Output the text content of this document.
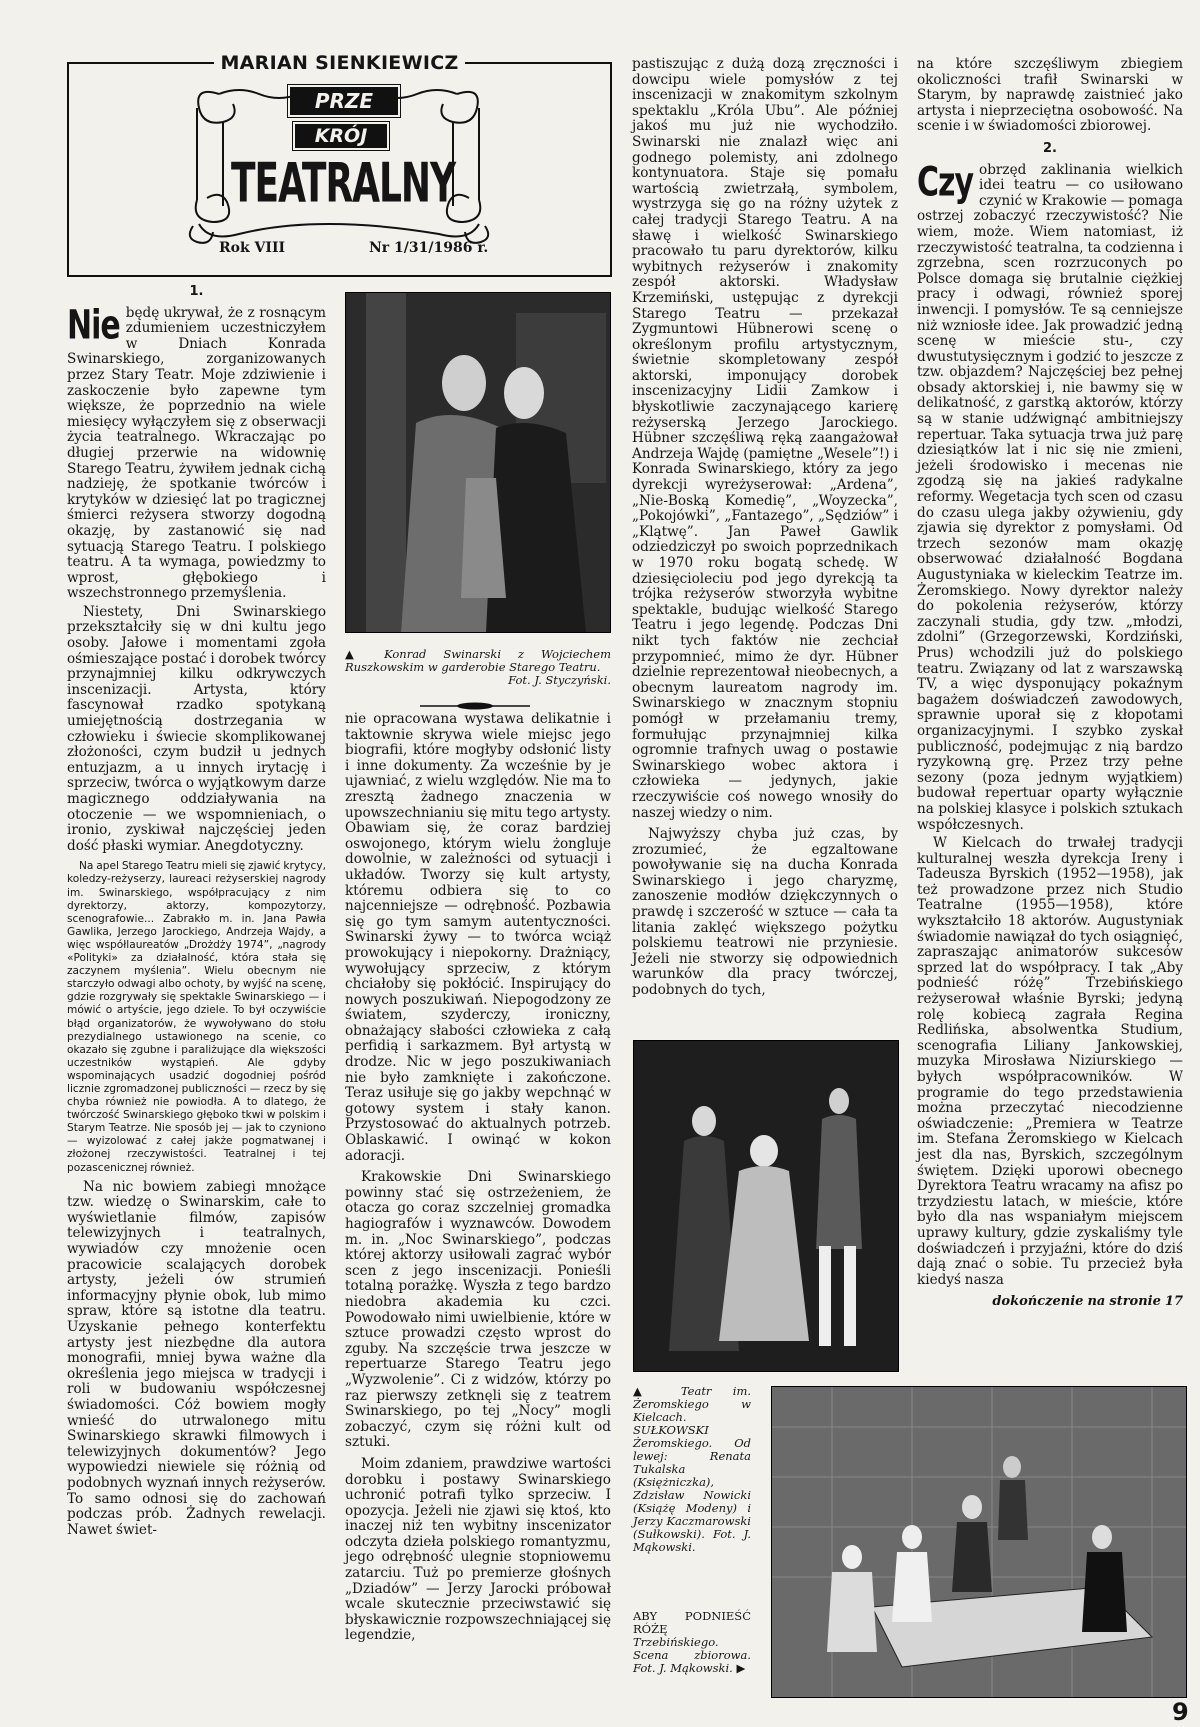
MARIAN SIENKIEWICZ
PRZE
KRÓJ
TEATRALNY
Rok VIII	Nr 1/31/1986 r.
1.

Nie będę ukrywał, że z rosnącym zdumieniem uczestniczyłem w Dniach Konrada Swinarskiego, zorganizowanych przez Stary Teatr. Moje zdziwienie i zaskoczenie było zapewne tym większe, że poprzednio na wiele miesięcy wyłączyłem się z obserwacji życia teatralnego. Wkraczając po długiej przerwie na widownię Starego Teatru, żywiłem jednak cichą nadzieję, że spotkanie twórców i krytyków w dziesięć lat po tragicznej śmierci reżysera stworzy dogodną okazję, by zastanowić się nad sytuacją Starego Teatru. I polskiego teatru. A ta wymaga, powiedzmy to wprost, głębokiego i wszechstronnego przemyślenia.

Niestety, Dni Swinarskiego przekształciły się w dni kultu jego osoby. Jałowe i momentami zgoła ośmieszające postać i dorobek twórcy przynajmniej kilku odkrywczych inscenizacji. Artysta, który fascynował rzadko spotykaną umiejętnością dostrzegania w człowieku i świecie skomplikowanej złożoności, czym budził u jednych entuzjazm, a u innych irytację i sprzeciw, twórca o wyjątkowym darze magicznego oddziaływania na otoczenie — we wspomnieniach, o ironio, zyskiwał najczęściej jeden dość płaski wymiar. Anegdotyczny.

Na apel Starego Teatru mieli się zjawić krytycy, koledzy-reżyserzy, laureaci reżyserskiej nagrody im. Swinarskiego, współpracujący z nim dyrektorzy, aktorzy, kompozytorzy, scenografowie... Zabrakło m. in. Jana Pawła Gawlika, Jerzego Jarockiego, Andrzeja Wajdy, a więc współlaureatów „Drożdży 1974”, „nagrody «Polityki» za działalność, która stała się zaczynem myślenia”. Wielu obecnym nie starczyło odwagi albo ochoty, by wyjść na scenę, gdzie rozgrywały się spektakle Swinarskiego — i mówić o artyście, jego dziele. To był oczywiście błąd organizatorów, że wywoływano do stołu prezydialnego ustawionego na scenie, co okazało się zgubne i paraliżujące dla większości uczestników wystąpień. Ale gdyby wspominających usadzić dogodniej pośród licznie zgromadzonej publiczności — rzecz by się chyba również nie powiodła. A to dlatego, że twórczość Swinarskiego głęboko tkwi w polskim i Starym Teatrze. Nie sposób jej — jak to czyniono — wyizolować z całej jakże pogmatwanej i złożonej rzeczywistości. Teatralnej i tej pozascenicznej również.

Na nic bowiem zabiegi mnożące tzw. wiedzę o Swinarskim, całe to wyświetlanie filmów, zapisów telewizyjnych i teatralnych, wywiadów czy mnożenie ocen pracowicie scalających dorobek artysty, jeżeli ów strumień informacyjny płynie obok, lub mimo spraw, które są istotne dla teatru. Uzyskanie pełnego konterfektu artysty jest niezbędne dla autora monografii, mniej bywa ważne dla określenia jego miejsca w tradycji i roli w budowaniu współczesnej świadomości. Cóż bowiem mogły wnieść do utrwalonego mitu Swinarskiego skrawki filmowych i telewizyjnych dokumentów? Jego wypowiedzi niewiele się różnią od podobnych wyznań innych reżyserów. To samo odnosi się do zachowań podczas prób. Żadnych rewelacji. Nawet świet-

▲ Konrad Swinarski z Wojciechem Ruszkowskim w garderobie Starego Teatru.
Fot. J. Styczyński.

nie opracowana wystawa delikatnie i taktownie skrywa wiele miejsc jego biografii, które mogłyby odsłonić listy i inne dokumenty. Za wcześnie by je ujawniać, z wielu względów. Nie ma to zresztą żadnego znaczenia w upowszechnianiu się mitu tego artysty. Obawiam się, że coraz bardziej oswojonego, którym wielu żongluje dowolnie, w zależności od sytuacji i układów. Tworzy się kult artysty, któremu odbiera się to co najcenniejsze — odrębność. Pozbawia się go tym samym autentyczności. Swinarski żywy — to twórca wciąż prowokujący i niepokorny. Drażniący, wywołujący sprzeciw, z którym chciałoby się pokłócić. Inspirujący do nowych poszukiwań. Niepogodzony ze światem, szyderczy, ironiczny, obnażający słabości człowieka z całą perfidią i sarkazmem. Był artystą w drodze. Nic w jego poszukiwaniach nie było zamknięte i zakończone. Teraz usiłuje się go jakby wepchnąć w gotowy system i stały kanon. Przystosować do aktualnych potrzeb. Oblaskawić. I owinąć w kokon adoracji.

Krakowskie Dni Swinarskiego powinny stać się ostrzeżeniem, że otacza go coraz szczelniej gromadka hagiografów i wyznawców. Dowodem m. in. „Noc Swinarskiego”, podczas której aktorzy usiłowali zagrać wybór scen z jego inscenizacji. Ponieśli totalną porażkę. Wyszła z tego bardzo niedobra akademia ku czci. Powodowało nimi uwielbienie, które w sztuce prowadzi często wprost do zguby. Na szczęście trwa jeszcze w repertuarze Starego Teatru jego „Wyzwolenie”. Ci z widzów, którzy po raz pierwszy zetknęli się z teatrem Swinarskiego, po tej „Nocy” mogli zobaczyć, czym się różni kult od sztuki.

Moim zdaniem, prawdziwe wartości dorobku i postawy Swinarskiego uchronić potrafi tylko sprzeciw. I opozycja. Jeżeli nie zjawi się ktoś, kto inaczej niż ten wybitny inscenizator odczyta dzieła polskiego romantyzmu, jego odrębność ulegnie stopniowemu zatarciu. Tuż po premierze głośnych „Dziadów” — Jerzy Jarocki próbował wcale skutecznie przeciwstawić się błyskawicznie rozpowszechniającej się legendzie,

pastiszując z dużą dozą zręczności i dowcipu wiele pomysłów z tej inscenizacji w znakomitym szkolnym spektaklu „Króla Ubu”. Ale później jakoś mu już nie wychodziło. Swinarski nie znalazł więc ani godnego polemisty, ani zdolnego kontynuatora. Staje się pomału wartością zwietrzałą, symbolem, wystrzyga się go na różny użytek z całej tradycji Starego Teatru. A na sławę i wielkość Swinarskiego pracowało tu paru dyrektorów, kilku wybitnych reżyserów i znakomity zespół aktorski. Władysław Krzemiński, ustępując z dyrekcji Starego Teatru — przekazał Zygmuntowi Hübnerowi scenę o określonym profilu artystycznym, świetnie skompletowany zespół aktorski, imponujący dorobek inscenizacyjny Lidii Zamkow i błyskotliwie zaczynającego karierę reżyserską Jerzego Jarockiego. Hübner szczęśliwą ręką zaangażował Andrzeja Wajdę (pamiętne „Wesele”!) i Konrada Swinarskiego, który za jego dyrekcji wyreżyserował: „Ardena”, „Nie-Boską Komedię”, „Woyzecka”, „Pokojówki”, „Fantazego”, „Sędziów” i „Klątwę”. Jan Paweł Gawlik odziedziczył po swoich poprzednikach w 1970 roku bogatą schedę. W dziesięcioleciu pod jego dyrekcją ta trójka reżyserów stworzyła wybitne spektakle, budując wielkość Starego Teatru i jego legendę. Podczas Dni nikt tych faktów nie zechciał przypomnieć, mimo że dyr. Hübner dzielnie reprezentował nieobecnych, a obecnym laureatom nagrody im. Swinarskiego w znacznym stopniu pomógł w przełamaniu tremy, formułując przynajmniej kilka ogromnie trafnych uwag o postawie Swinarskiego wobec aktora i człowieka — jedynych, jakie rzeczywiście coś nowego wnosiły do naszej wiedzy o nim.

Najwyższy chyba już czas, by zrozumieć, że egzaltowane powoływanie się na ducha Konrada Swinarskiego i jego charyzmę, zanoszenie modłów dziękczynnych o prawdę i szczerość w sztuce — cała ta litania zaklęć większego pożytku polskiemu teatrowi nie przyniesie. Jeżeli nie stworzy się odpowiednich warunków dla pracy twórczej, podobnych do tych,

▲ Teatr im. Żeromskiego w Kielcach. SUŁKOWSKI Żeromskiego. Od lewej: Renata Tukalska (Księżniczka), Zdzisław Nowicki (Książę Modeny) i Jerzy Kaczmarowski (Sułkowski). Fot. J. Mąkowski.
ABY PODNIEŚĆ RÓŻĘ Trzebińskiego. Scena zbiorowa. Fot. J. Mąkowski. ▶

na które szczęśliwym zbiegiem okoliczności trafił Swinarski w Starym, by naprawdę zaistnieć jako artysta i nieprzeciętna osobowość. Na scenie i w świadomości zbiorowej.

2.

Czy obrzęd zaklinania wielkich idei teatru — co usiłowano czynić w Krakowie — pomaga ostrzej zobaczyć rzeczywistość? Nie wiem, może. Wiem natomiast, iż rzeczywistość teatralna, ta codzienna i zgrzebna, scen rozrzuconych po Polsce domaga się brutalnie ciężkiej pracy i odwagi, również sporej inwencji. I pomysłów. Te są cenniejsze niż wzniosłe idee. Jak prowadzić jedną scenę w mieście stu-, czy dwustutysięcznym i godzić to jeszcze z tzw. objazdem? Najczęściej bez pełnej obsady aktorskiej i, nie bawmy się w delikatność, z garstką aktorów, którzy są w stanie udźwignąć ambitniejszy repertuar. Taka sytuacja trwa już parę dziesiątków lat i nic się nie zmieni, jeżeli środowisko i mecenas nie zgodzą się na jakieś radykalne reformy. Wegetacja tych scen od czasu do czasu ulega jakby ożywieniu, gdy zjawia się dyrektor z pomysłami. Od trzech sezonów mam okazję obserwować działalność Bogdana Augustyniaka w kieleckim Teatrze im. Żeromskiego. Nowy dyrektor należy do pokolenia reżyserów, którzy zaczynali studia, gdy tzw. „młodzi, zdolni” (Grzegorzewski, Kordziński, Prus) wchodzili już do polskiego teatru. Związany od lat z warszawską TV, a więc dysponujący pokaźnym bagażem doświadczeń zawodowych, sprawnie uporał się z kłopotami organizacyjnymi. I szybko zyskał publiczność, podejmując z nią bardzo ryzykowną grę. Przez trzy pełne sezony (poza jednym wyjątkiem) budował repertuar oparty wyłącznie na polskiej klasyce i polskich sztukach współczesnych.

W Kielcach do trwałej tradycji kulturalnej weszła dyrekcja Ireny i Tadeusza Byrskich (1952—1958), jak też prowadzone przez nich Studio Teatralne (1955—1958), które wykształciło 18 aktorów. Augustyniak świadomie nawiązał do tych osiągnięć, zapraszając animatorów sukcesów sprzed lat do współpracy. I tak „Aby podnieść różę” Trzebińskiego reżyserował właśnie Byrski; jedyną rolę kobiecą zagrała Regina Redlińska, absolwentka Studium, scenografia Liliany Jankowskiej, muzyka Mirosława Niziurskiego — byłych współpracowników. W programie do tego przedstawienia można przeczytać niecodzienne oświadczenie: „Premiera w Teatrze im. Stefana Żeromskiego w Kielcach jest dla nas, Byrskich, szczególnym świętem. Dzięki uporowi obecnego Dyrektora Teatru wracamy na afisz po trzydziestu latach, w mieście, które było dla nas wspaniałym miejscem uprawy kultury, gdzie zyskaliśmy tyle doświadczeń i przyjaźni, które do dziś dają znać o sobie. Tu przecież była kiedyś nasza

dokończenie na stronie 17
9
